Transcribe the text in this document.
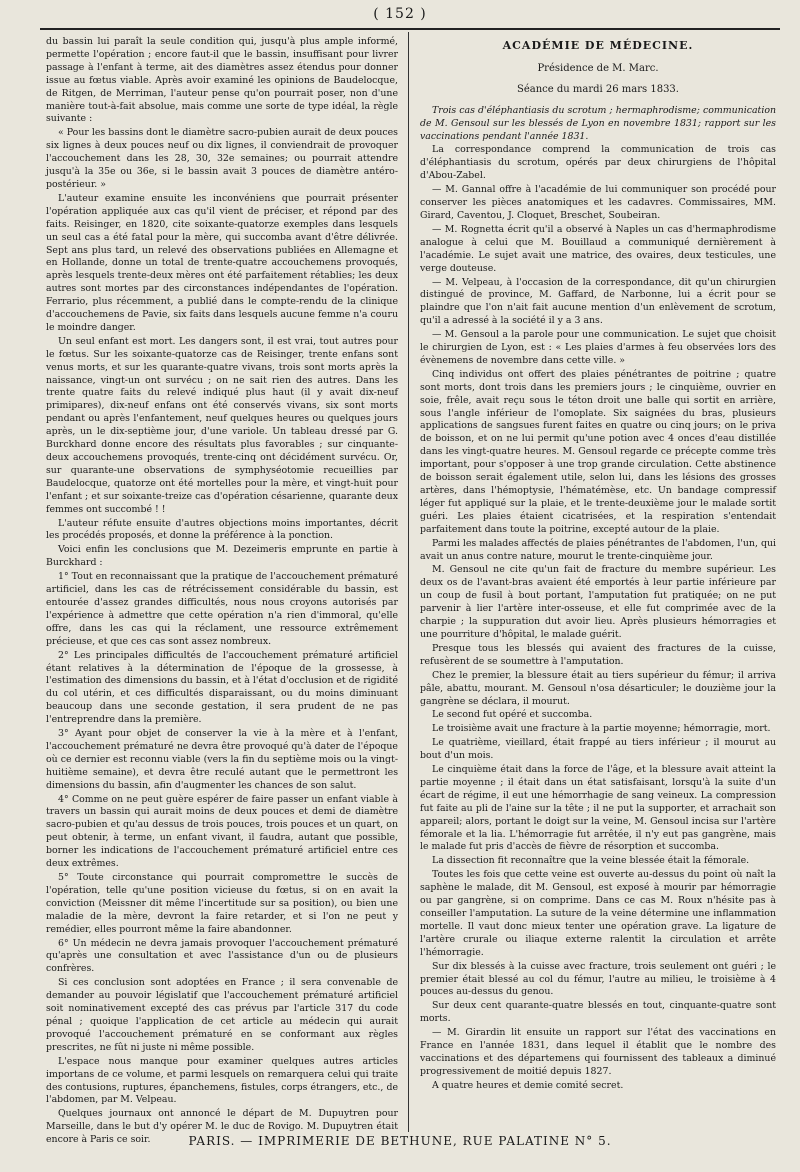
( 152 )

du bassin lui paraît la seule condition qui, jusqu'à plus ample informé, permette l'opération ; encore faut-il que le bassin, insuffisant pour livrer passage à l'enfant à terme, ait des diamètres assez étendus pour donner issue au fœtus viable. Après avoir examiné les opinions de Baudelocque, de Ritgen, de Merriman, l'auteur pense qu'on pourrait poser, non d'une manière tout-à-fait absolue, mais comme une sorte de type idéal, la règle suivante :

« Pour les bassins dont le diamètre sacro-pubien aurait de deux pouces six lignes à deux pouces neuf ou dix lignes, il conviendrait de provoquer l'accouchement dans les 28, 30, 32e semaines; ou pourrait attendre jusqu'à la 35e ou 36e, si le bassin avait 3 pouces de diamètre antéro-postérieur. »

L'auteur examine ensuite les inconvéniens que pourrait présenter l'opération appliquée aux cas qu'il vient de préciser, et répond par des faits. Reisinger, en 1820, cite soixante-quatorze exemples dans lesquels un seul cas a été fatal pour la mère, qui succomba avant d'être délivrée. Sept ans plus tard, un relevé des observations publiées en Allemagne et en Hollande, donne un total de trente-quatre accouchemens provoqués, après lesquels trente-deux mères ont été parfaitement rétablies; les deux autres sont mortes par des circonstances indépendantes de l'opération. Ferrario, plus récemment, a publié dans le compte-rendu de la clinique d'accouchemens de Pavie, six faits dans lesquels aucune femme n'a couru le moindre danger.

Un seul enfant est mort. Les dangers sont, il est vrai, tout autres pour le fœtus. Sur les soixante-quatorze cas de Reisinger, trente enfans sont venus morts, et sur les quarante-quatre vivans, trois sont morts après la naissance, vingt-un ont survécu ; on ne sait rien des autres. Dans les trente quatre faits du relevé indiqué plus haut (il y avait dix-neuf primipares), dix-neuf enfans ont été conservés vivans, six sont morts pendant ou après l'enfantement, neuf quelques heures ou quelques jours après, un le dix-septième jour, d'une variole. Un tableau dressé par G. Burckhard donne encore des résultats plus favorables ; sur cinquante-deux accouchemens provoqués, trente-cinq ont décidément survécu. Or, sur quarante-une observations de symphyséotomie recueillies par Baudelocque, quatorze ont été mortelles pour la mère, et vingt-huit pour l'enfant ; et sur soixante-treize cas d'opération césarienne, quarante deux femmes ont succombé ! !

L'auteur réfute ensuite d'autres objections moins importantes, décrit les procédés proposés, et donne la préférence à la ponction.

Voici enfin les conclusions que M. Dezeimeris emprunte en partie à Burckhard :

1° Tout en reconnaissant que la pratique de l'accouchement prématuré artificiel, dans les cas de rétrécissement considérable du bassin, est entourée d'assez grandes difficultés, nous nous croyons autorisés par l'expérience à admettre que cette opération n'a rien d'immoral, qu'elle offre, dans les cas qui la réclament, une ressource extrêmement précieuse, et que ces cas sont assez nombreux.

2° Les principales difficultés de l'accouchement prématuré artificiel étant relatives à la détermination de l'époque de la grossesse, à l'estimation des dimensions du bassin, et à l'état d'occlusion et de rigidité du col utérin, et ces difficultés disparaissant, ou du moins diminuant beaucoup dans une seconde gestation, il sera prudent de ne pas l'entreprendre dans la première.

3° Ayant pour objet de conserver la vie à la mère et à l'enfant, l'accouchement prématuré ne devra être provoqué qu'à dater de l'époque où ce dernier est reconnu viable (vers la fin du septième mois ou la vingt-huitième semaine), et devra être reculé autant que le permettront les dimensions du bassin, afin d'augmenter les chances de son salut.

4° Comme on ne peut guère espérer de faire passer un enfant viable à travers un bassin qui aurait moins de deux pouces et demi de diamètre sacro-pubien et qu'au dessus de trois pouces, trois pouces et un quart, on peut obtenir, à terme, un enfant vivant, il faudra, autant que possible, borner les indications de l'accouchement prématuré artificiel entre ces deux extrêmes.

5° Toute circonstance qui pourrait compromettre le succès de l'opération, telle qu'une position vicieuse du fœtus, si on en avait la conviction (Meissner dit même l'incertitude sur sa position), ou bien une maladie de la mère, devront la faire retarder, et si l'on ne peut y remédier, elles pourront même la faire abandonner.

6° Un médecin ne devra jamais provoquer l'accouchement prématuré qu'après une consultation et avec l'assistance d'un ou de plusieurs confrères.

Si ces conclusion sont adoptées en France ; il sera convenable de demander au pouvoir législatif que l'accouchement prématuré artificiel soit nominativement excepté des cas prévus par l'article 317 du code pénal ; quoique l'application de cet article au médecin qui aurait provoqué l'accouchement prématuré en se conformant aux règles prescrites, ne fût ni juste ni même possible.

L'espace nous manque pour examiner quelques autres articles importans de ce volume, et parmi lesquels on remarquera celui qui traite des contusions, ruptures, épanchemens, fistules, corps étrangers, etc., de l'abdomen, par M. Velpeau.

Quelques journaux ont annoncé le départ de M. Dupuytren pour Marseille, dans le but d'y opérer M. le duc de Rovigo. M. Dupuytren était encore à Paris ce soir.

ACADÉMIE DE MÉDECINE.
Présidence de M. Marc.
Séance du mardi 26 mars 1833.

Trois cas d'éléphantiasis du scrotum ; hermaphrodisme; communication de M. Gensoul sur les blessés de Lyon en novembre 1831; rapport sur les vaccinations pendant l'année 1831.

La correspondance comprend la communication de trois cas d'éléphantiasis du scrotum, opérés par deux chirurgiens de l'hôpital d'Abou-Zabel.

— M. Gannal offre à l'académie de lui communiquer son procédé pour conserver les pièces anatomiques et les cadavres. Commissaires, MM. Girard, Caventou, J. Cloquet, Breschet, Soubeiran.

— M. Rognetta écrit qu'il a observé à Naples un cas d'hermaphrodisme analogue à celui que M. Bouillaud a communiqué dernièrement à l'académie. Le sujet avait une matrice, des ovaires, deux testicules, une verge douteuse.

— M. Velpeau, à l'occasion de la correspondance, dit qu'un chirurgien distingué de province, M. Gaffard, de Narbonne, lui a écrit pour se plaindre que l'on n'ait fait aucune mention d'un enlèvement de scrotum, qu'il a adressé à la société il y a 3 ans.

— M. Gensoul a la parole pour une communication. Le sujet que choisit le chirurgien de Lyon, est : « Les plaies d'armes à feu observées lors des évènemens de novembre dans cette ville. »

Cinq individus ont offert des plaies pénétrantes de poitrine ; quatre sont morts, dont trois dans les premiers jours ; le cinquième, ouvrier en soie, frêle, avait reçu sous le téton droit une balle qui sortit en arrière, sous l'angle inférieur de l'omoplate. Six saignées du bras, plusieurs applications de sangsues furent faites en quatre ou cinq jours; on le priva de boisson, et on ne lui permit qu'une potion avec 4 onces d'eau distillée dans les vingt-quatre heures. M. Gensoul regarde ce précepte comme très important, pour s'opposer à une trop grande circulation. Cette abstinence de boisson serait également utile, selon lui, dans les lésions des grosses artères, dans l'hémoptysie, l'hématémèse, etc. Un bandage compressif léger fut appliqué sur la plaie, et le trente-deuxième jour le malade sortit guéri. Les plaies étaient cicatrisées, et la respiration s'entendait parfaitement dans toute la poitrine, excepté autour de la plaie.

Parmi les malades affectés de plaies pénétrantes de l'abdomen, l'un, qui avait un anus contre nature, mourut le trente-cinquième jour.

M. Gensoul ne cite qu'un fait de fracture du membre supérieur. Les deux os de l'avant-bras avaient été emportés à leur partie inférieure par un coup de fusil à bout portant, l'amputation fut pratiquée; on ne put parvenir à lier l'artère inter-osseuse, et elle fut comprimée avec de la charpie ; la suppuration dut avoir lieu. Après plusieurs hémorragies et une pourriture d'hôpital, le malade guérit.

Presque tous les blessés qui avaient des fractures de la cuisse, refusèrent de se soumettre à l'amputation.

Chez le premier, la blessure était au tiers supérieur du fémur; il arriva pâle, abattu, mourant. M. Gensoul n'osa désarticuler; le douzième jour la gangrène se déclara, il mourut.

Le second fut opéré et succomba.

Le troisième avait une fracture à la partie moyenne; hémorragie, mort.

Le quatrième, vieillard, était frappé au tiers inférieur ; il mourut au bout d'un mois.

Le cinquième était dans la force de l'âge, et la blessure avait atteint la partie moyenne ; il était dans un état satisfaisant, lorsqu'à la suite d'un écart de régime, il eut une hémorrhagie de sang veineux. La compression fut faite au pli de l'aine sur la tête ; il ne put la supporter, et arrachait son appareil; alors, portant le doigt sur la veine, M. Gensoul incisa sur l'artère fémorale et la lia. L'hémorragie fut arrêtée, il n'y eut pas gangrène, mais le malade fut pris d'accès de fièvre de résorption et succomba.

La dissection fit reconnaître que la veine blessée était la fémorale.

Toutes les fois que cette veine est ouverte au-dessus du point où naît la saphène le malade, dit M. Gensoul, est exposé à mourir par hémorragie ou par gangrène, si on comprime. Dans ce cas M. Roux n'hésite pas à conseiller l'amputation. La suture de la veine détermine une inflammation mortelle. Il vaut donc mieux tenter une opération grave. La ligature de l'artère crurale ou iliaque externe ralentit la circulation et arrête l'hémorragie.

Sur dix blessés à la cuisse avec fracture, trois seulement ont guéri ; le premier était blessé au col du fémur, l'autre au milieu, le troisième à 4 pouces au-dessus du genou.

Sur deux cent quarante-quatre blessés en tout, cinquante-quatre sont morts.

— M. Girardin lit ensuite un rapport sur l'état des vaccinations en France en l'année 1831, dans lequel il établit que le nombre des vaccinations et des départemens qui fournissent des tableaux a diminué progressivement de moitié depuis 1827.

A quatre heures et demie comité secret.

PARIS. — IMPRIMERIE DE BETHUNE, RUE PALATINE N° 5.
